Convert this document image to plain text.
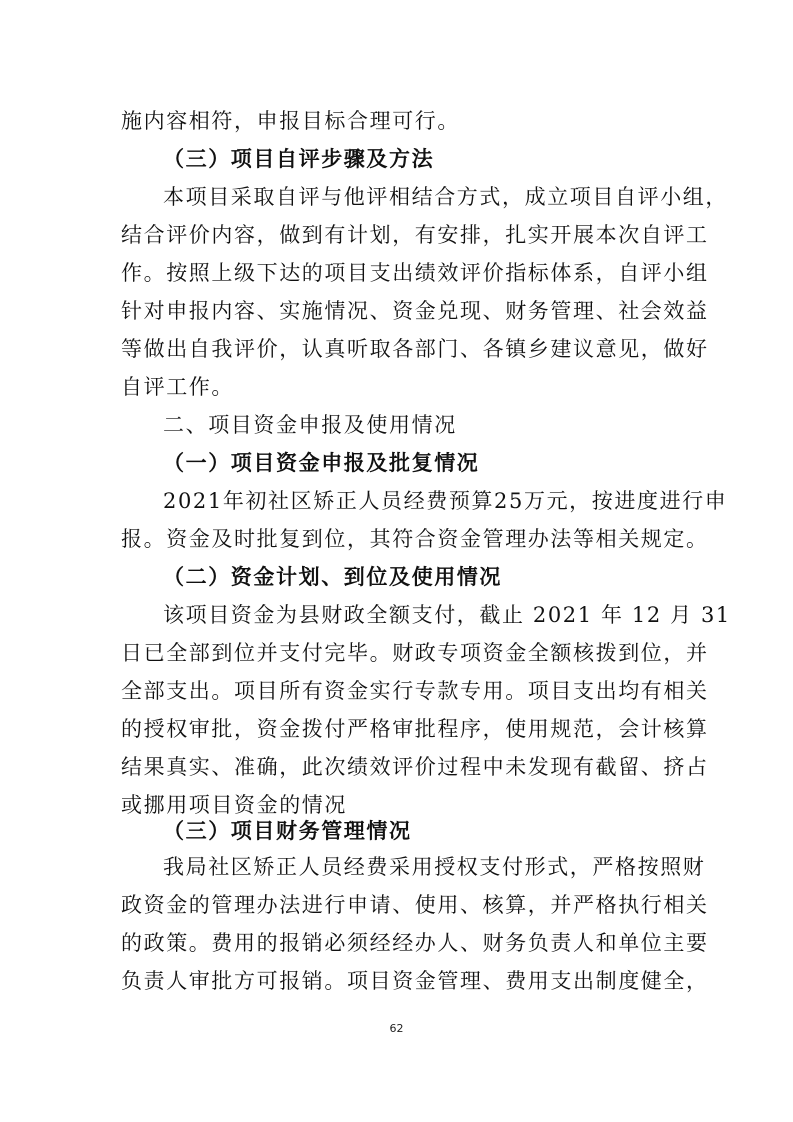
施内容相符，申报目标合理可行。
（三）项目自评步骤及方法
本项目采取自评与他评相结合方式，成立项目自评小组，
结合评价内容，做到有计划，有安排，扎实开展本次自评工
作。按照上级下达的项目支出绩效评价指标体系，自评小组
针对申报内容、实施情况、资金兑现、财务管理、社会效益
等做出自我评价，认真听取各部门、各镇乡建议意见，做好
自评工作。
二、项目资金申报及使用情况
（一）项目资金申报及批复情况
2021年初社区矫正人员经费预算25万元，按进度进行申
报。资金及时批复到位，其符合资金管理办法等相关规定。
（二）资金计划、到位及使用情况
该项目资金为县财政全额支付，截止 2021 年 12 月 31
日已全部到位并支付完毕。财政专项资金全额核拨到位，并
全部支出。项目所有资金实行专款专用。项目支出均有相关
的授权审批，资金拨付严格审批程序，使用规范，会计核算
结果真实、准确，此次绩效评价过程中未发现有截留、挤占
或挪用项目资金的情况
（三）项目财务管理情况
我局社区矫正人员经费采用授权支付形式，严格按照财
政资金的管理办法进行申请、使用、核算，并严格执行相关
的政策。费用的报销必须经经办人、财务负责人和单位主要
负责人审批方可报销。项目资金管理、费用支出制度健全，
62
